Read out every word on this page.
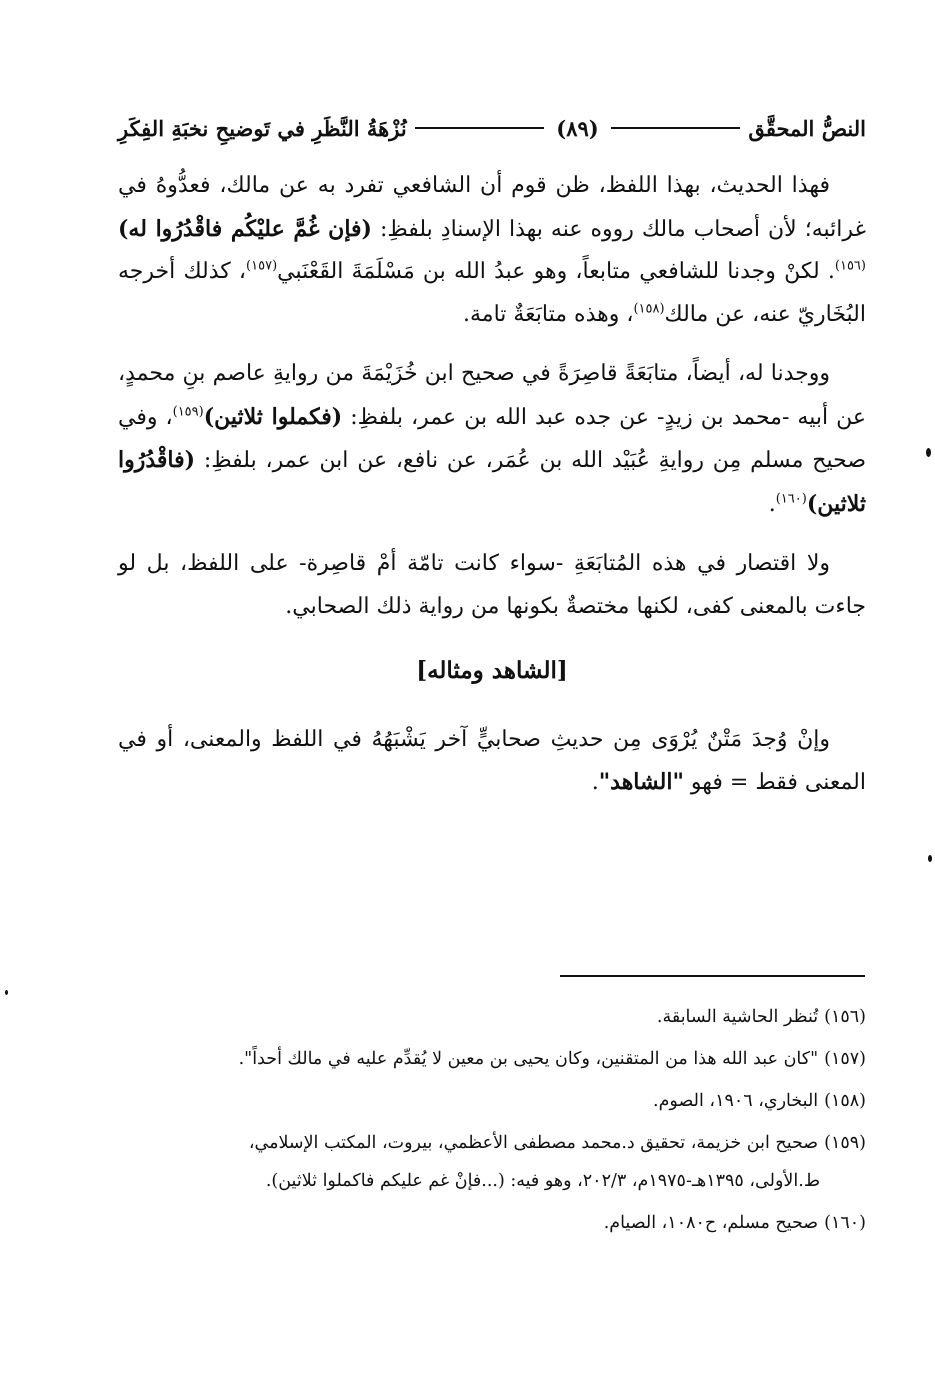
النصُّ المحقَّق
(٨٩)
نُزْهَةُ النَّظَرِ في تَوضيحِ نخبَةِ الفِكَرِ

فهذا الحديث، بهذا اللفظ، ظن قوم أن الشافعي تفرد به عن مالك، فعدُّوهُ في غرائبه؛ لأن أصحاب مالك رووه عنه بهذا الإسنادِ بلفظِ: (فإن غُمَّ عليْكُم فاقْدُرُوا له)$^{(١٥٦)}$. لكنْ وجدنا للشافعي متابعاً، وهو عبدُ الله بن مَسْلَمَةَ القَعْنَبي$^{(١٥٧)}$، كذلك أخرجه البُخَاريّ عنه، عن مالك$^{(١٥٨)}$، وهذه متابَعَةٌ تامة.

ووجدنا له، أيضاً، متابَعَةً قاصِرَةً في صحيح ابن خُزَيْمَةَ من روايةِ عاصم بنِ محمدٍ، عن أبيه -محمد بن زيدٍ- عن جده عبد الله بن عمر، بلفظِ: (فكملوا ثلاثين)$^{(١٥٩)}$، وفي صحيح مسلم مِن روايةِ عُبَيْد الله بن عُمَر، عن نافع، عن ابن عمر، بلفظِ: (فاقْدُرُوا ثلاثين)$^{(١٦٠)}$.

ولا اقتصار في هذه المُتابَعَةِ -سواء كانت تامّة أمْ قاصِرة- على اللفظ، بل لو جاءت بالمعنى كفى، لكنها مختصةٌ بكونها من رواية ذلك الصحابي.

[الشاهد ومثاله]

وإنْ وُجدَ مَتْنٌ يُرْوَى مِن حديثِ صحابيٍّ آخر يَشْبَهُهُ في اللفظ والمعنى، أو في المعنى فقط = فهو "الشاهد".

(١٥٦)تُنظر الحاشية السابقة.

(١٥٧)"كان عبد الله هذا من المتقنين، وكان يحيى بن معين لا يُقدِّم عليه في مالك أحداً".

(١٥٨)البخاري، ١٩٠٦، الصوم.

(١٥٩)صحيح ابن خزيمة، تحقيق د.محمد مصطفى الأعظمي، بيروت، المكتب الإسلامي،

ط.الأولى، ١٣٩٥هـ-١٩٧٥م، ٢٠٢/٣، وهو فيه: (...فإنْ غم عليكم فاكملوا ثلاثين).

(١٦٠)صحيح مسلم، ح١٠٨٠، الصيام.
